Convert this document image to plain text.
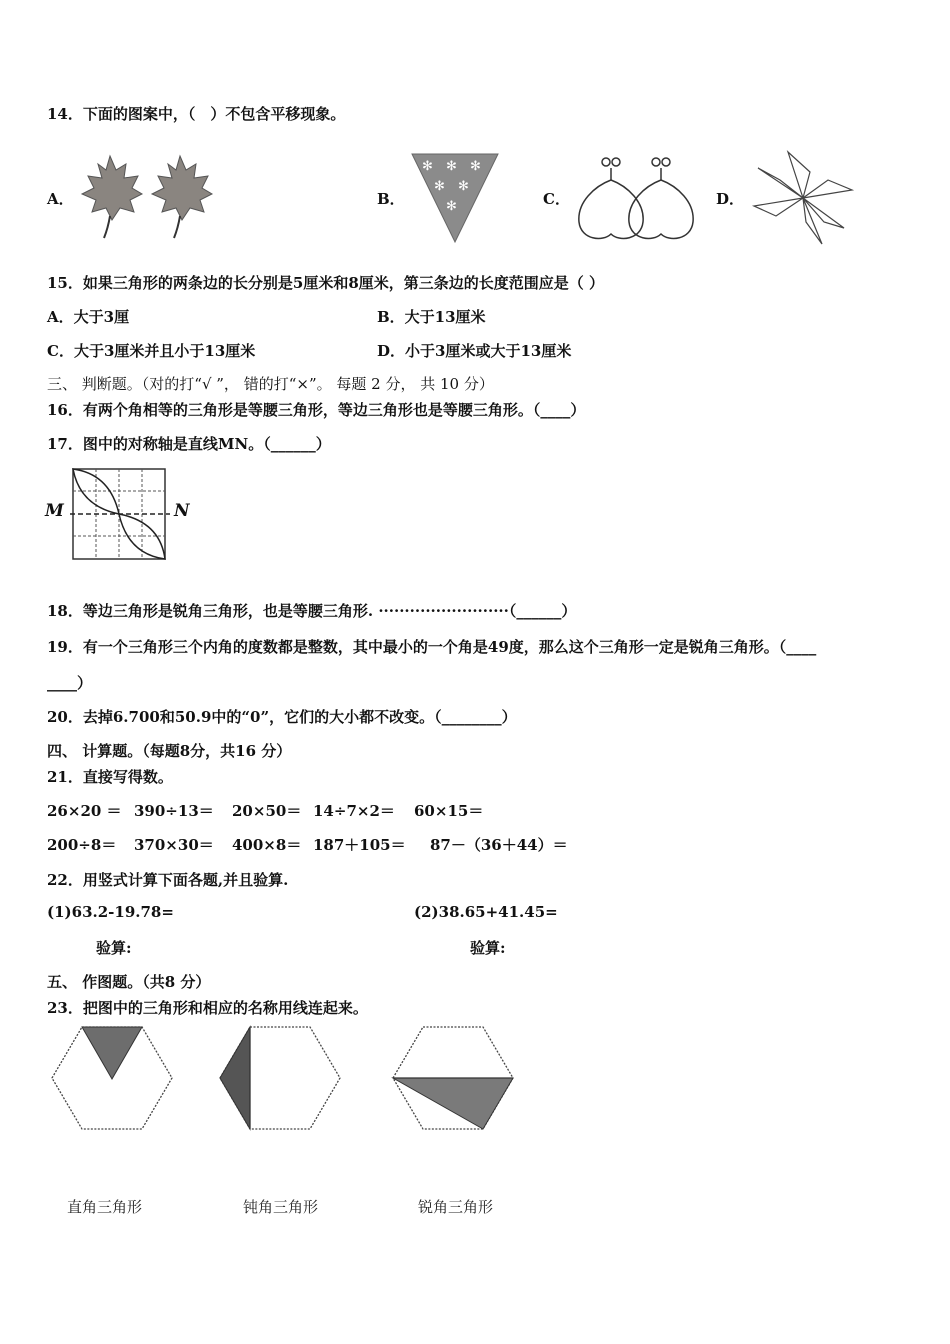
14．下面的图案中，（　）不包含平移现象。
A．	B．
✻ ✻ ✻
✻ ✻
✻	C．	D．
15．如果三角形的两条边的长分别是5厘米和8厘米，第三条边的长度范围应是（ ）
A．大于3厘	B．大于13厘米
C．大于3厘米并且小于13厘米	D．小于3厘米或大于13厘米
三、 判断题。（对的打“√ ”， 错的打“×”。 每题 2 分， 共 10 分）
16．有两个角相等的三角形是等腰三角形，等边三角形也是等腰三角形。（____）
17．图中的对称轴是直线MN。（______）
M	N
18．等边三角形是锐角三角形，也是等腰三角形. ·························（______）
19．有一个三角形三个内角的度数都是整数，其中最小的一个角是49度，那么这个三角形一定是锐角三角形。（____
____）
20．去掉6.700和50.9中的“0”，它们的大小都不改变。（________）
四、 计算题。（每题8分，共16 分）
21．直接写得数。
26×20 ＝ 390÷13＝ 20×50＝ 14÷7×2＝ 60×15＝
200÷8＝ 370×30＝ 400×8＝ 187＋105＝ 87－（36＋44）＝
22．用竖式计算下面各题,并且验算.
(1)63.2-19.78=	(2)38.65+41.45=
验算:	验算:
五、 作图题。（共8 分）
23．把图中的三角形和相应的名称用线连起来。
直角三角形	钝角三角形	锐角三角形
